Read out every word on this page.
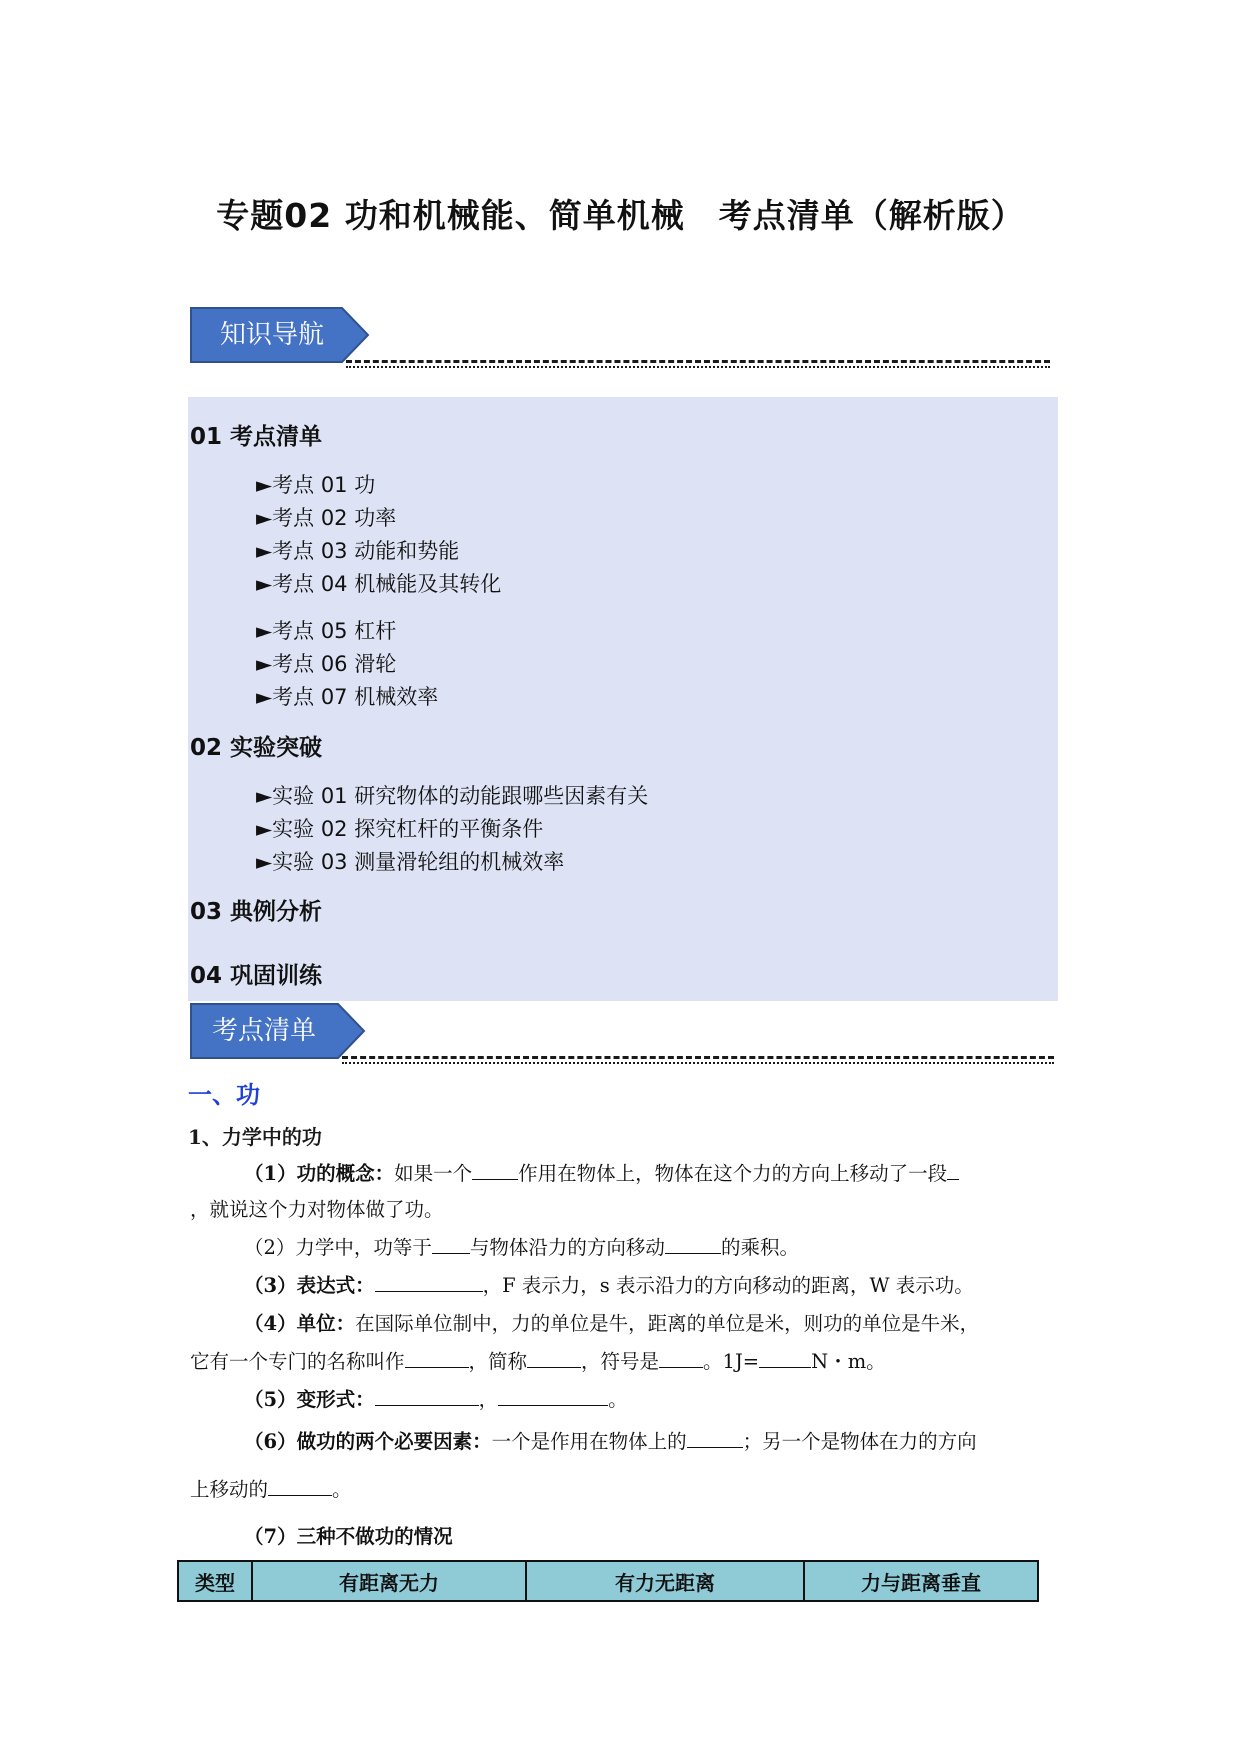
专题02 功和机械能、简单机械　考点清单（解析版）
知识导航
01 考点清单
►考点 01 功
►考点 02 功率
►考点 03 动能和势能
►考点 04 机械能及其转化
►考点 05 杠杆
►考点 06 滑轮
►考点 07 机械效率
02 实验突破
►实验 01 研究物体的动能跟哪些因素有关
►实验 02 探究杠杆的平衡条件
►实验 03 测量滑轮组的机械效率
03 典例分析
04 巩固训练
考点清单
一、功
1、力学中的功
（1）功的概念：如果一个 作用在物体上，物体在这个力的方向上移动了一段
，就说这个力对物体做了功。
（2）力学中，功等于 与物体沿力的方向移动	的乘积。
（3）表达式：	，F 表示力，s 表示沿力的方向移动的距离，W 表示功。
（4）单位：在国际单位制中，力的单位是牛，距离的单位是米，则功的单位是牛米，
它有一个专门的名称叫作	，简称	，符号是 。1J=	N・m。
（5）变形式：	，	。
（6）做功的两个必要因素：一个是作用在物体上的	；另一个是物体在力的方向
上移动的	。
（7）三种不做功的情况
类型	有距离无力	有力无距离	力与距离垂直
